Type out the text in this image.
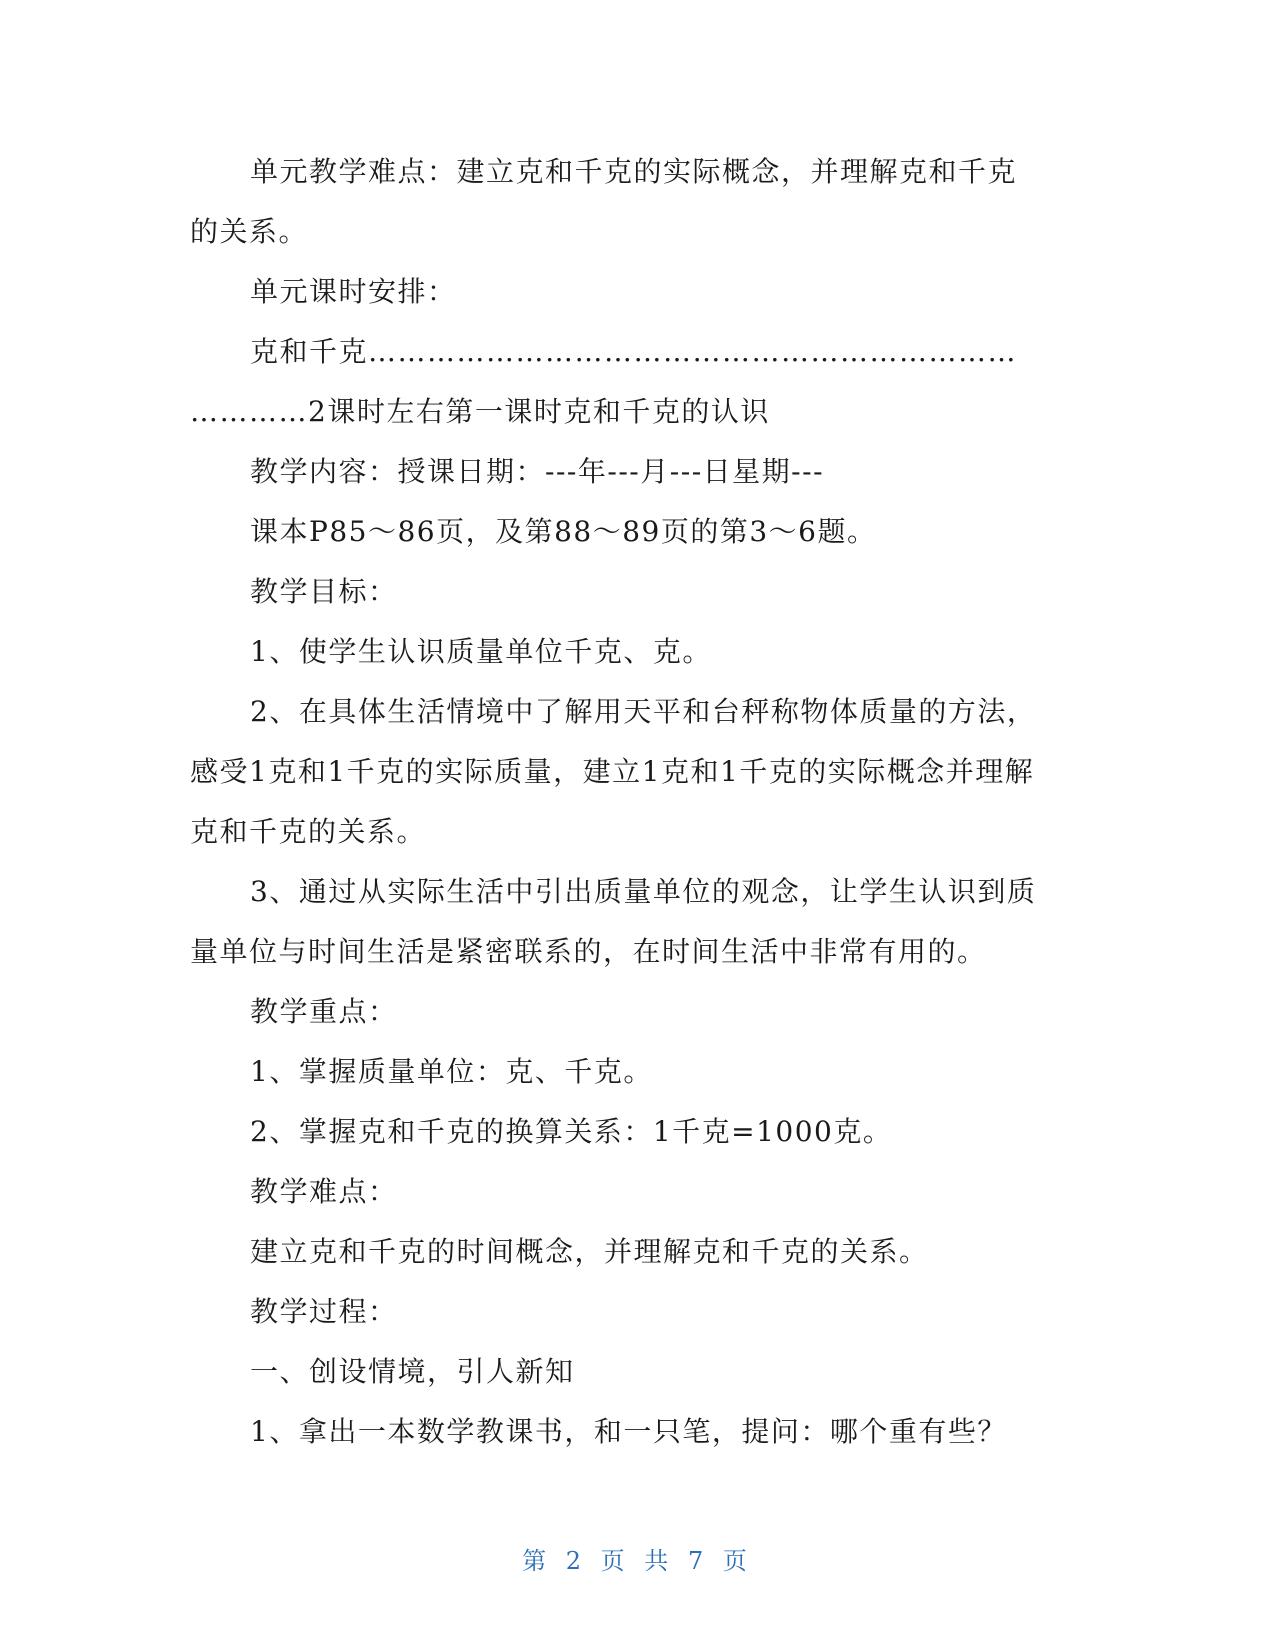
单元教学难点：建立克和千克的实际概念，并理解克和千克
的关系。
单元课时安排：
克和千克…………………………………………………………
…………2课时左右第一课时克和千克的认识
教学内容：授课日期：---年---月---日星期---
课本P85～86页，及第88～89页的第3～6题。
教学目标：
1、使学生认识质量单位千克、克。
2、在具体生活情境中了解用天平和台秤称物体质量的方法，
感受1克和1千克的实际质量，建立1克和1千克的实际概念并理解
克和千克的关系。
3、通过从实际生活中引出质量单位的观念，让学生认识到质
量单位与时间生活是紧密联系的，在时间生活中非常有用的。
教学重点：
1、掌握质量单位：克、千克。
2、掌握克和千克的换算关系：1千克=1000克。
教学难点：
建立克和千克的时间概念，并理解克和千克的关系。
教学过程：
一、创设情境，引人新知
1、拿出一本数学教课书，和一只笔，提问：哪个重有些？
第 2 页 共 7 页
